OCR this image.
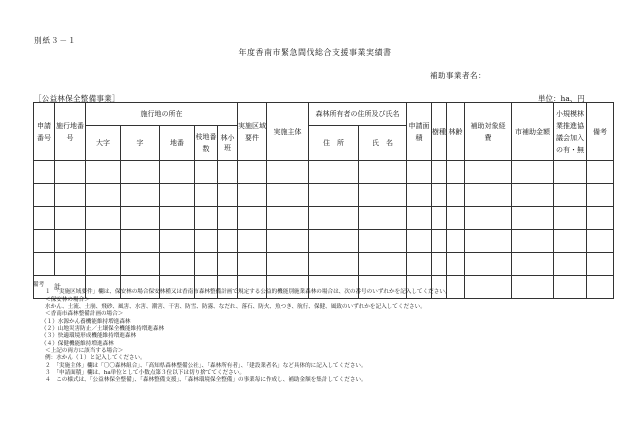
別紙３－１
年度香南市緊急間伐総合支援事業実績書
補助事業者名：
［公益林保全整備事業］	単位：ha、円
申請番号	施行地番号	施行地の所在					実施区域要件	実施主体	森林所有者の住所及び氏名		申請面積	樹種	林齢	補助対象経　　費	市補助金額	小規模林業推進協議会加入の有・無	備考
		大字	字	地番	枝地番数	林小班			住　所	氏　名							

計																	
備考
１　「実施区域要件」欄は、保安林の場合保安林種又は香南市森林整備計画で規定する公益的機能別施業森林の場合は、次の番号のいずれかを記入してください。
＜保安林の場合＞
水かん、土流、土崩、飛砂、風害、水害、潮害、干害、防雪、防霧、なだれ、落石、防火、魚つき、航行、保健、風致のいずれかを記入してください。
＜香南市森林整備計画の場合＞
（１）水源かん養機能維持増進森林
（２）山地災害防止／土壌保全機能維持増進森林
（３）快適環境形成機能維持増進森林
（４）保健機能維持増進森林
＜上記の両方に該当する場合＞
例：水かん（１）と記入してください。
２　「実施主体」欄は「〇〇森林組合」、「高知県森林整備公社」、「森林所有者」、「建設業者名」など具体的に記入してください。
３　「申請面積」欄は、ha単位として小数点第３位以下は切り捨ててください。
４　この様式は、「公益林保全整備」、「森林整備支援」、「森林環境保全整備」の事業毎に作成し、補助金額を集計してください。
